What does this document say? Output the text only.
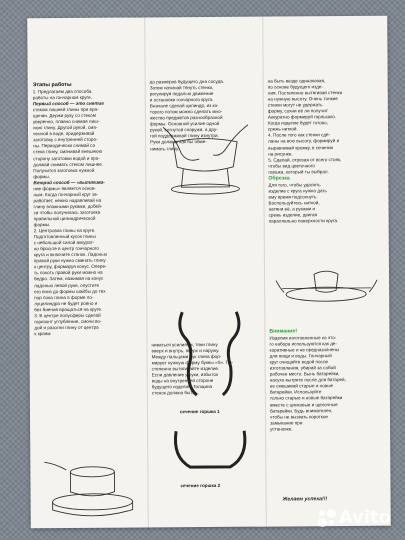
Этапы работы

1. Предлагаем два способа

работы на гончарном круге.

Первый способ — это снятие

стеком лишней глины при вра-

щении. Держи руку со стеком

уверенно, плавно снимая лиш-

нюю глину. Другой рукой, сма-

ченной в воде, придерживай

заготовку с внутренней сторо-

ны. Периодически снимай со

стека глину, смачивай внешнюю

сторону заготовки водой и про-

должай снимать стеком лишнее.

Получится заготовка нужной

формы.

Второй способ — «вытягива-

ние формы» является основ-

ным. Когда гончарный круг за-

работает, нежно надавливай на

глину влажными руками, добей-

ся чтобы получилась заготовка

правильной цилиндрической

формы.

2. Центровка глины на круге.

Подготовленный кусок глины

с небольшой силой аккурат-

но бросьте в центр гончарного

круга и включите станок. Ладонью

правой руки нужно сминать глину

к центру, формируя конус. Опере-

ть локоть правой руки можно на

бедро. Затем, нажимая на конус

ладонью левой руки, опустите

его вниз до формы шайбы до тех

пор пока глина в форме по-

луцилиндра не будет ровно и

без биения вращаться на круге.

3. В центре полусферы сделай

горизонт углубление, смочи во-

дой и разогни глину от центра

к краям

до размеров будущего дна сосуда.

Затем начинай тянуть стенки,

регулируя педалью движение

и остановки гончарного круга.

Вначале сделай цилиндр, из ко-

торого потом можно сделать мно-

жество предметов разнообразной

формы. Основной усилие одной

рукой, согнутой снаружи, а дру-

гой поддерживай глину изнутри.

Руки должны как бы обме-

нимать глину.

ниваться усилиями, тяни глину

вверх и внутрь, вверх и наружу.

Между пальцами рук глина фор-

мирует нужную форму буквы «S». По-

степенно вытягивайте изделие.

Если давление у руки, избыток

воды на внутренней стороне

будущего изделия. Толщина

стенок должна быть...

сечение горшка 1
сечение горшка 2

на быть везде одинаковая,

по основе будущего изде-

лия. Постепенно вытягивай стенки

на нужную высоту. Очень тонкие

стенки могут не удержать

форму, сохни её ли получит.

Аккуратно формируй горлышко.

Когда изделие будет готово,

срежь ниткой.

4. После того как стенки сде-

ланы на всю высоту, формируй и

выравнивай кромку, в сечении

на рисунке.

5. Сделай, отрезая от всего стояк,

чтобы вид цветочного

горшка, который ты выбрал.

Обрезка

Для того, чтобы удалить

изделие с круга нужно дать

ему время подсохнуть.

Воспользуйтесь ниткой,

натяни её, а руками и

срежь изделие, двигая

параллельно поверхности круга.

Внимание!

Изделия изготовленные из это-

го набора используются как де-

коративные и не предназначены

для пищи и воды. Гончарный

круг очищайте водой после

изготовления, убирай за собой

рабочее место. Вынь батарейки,

насухо вытрите после для батарей,

не смешивай старые и новые

батарейки. Используйте

только старые и новые батарейки

вместе с цинковые и щелочные

батарейки. Будь внимателен,

чтобы не вызвать короткое

замыкание при

установке.

Желаем успеха!!!
Avito
